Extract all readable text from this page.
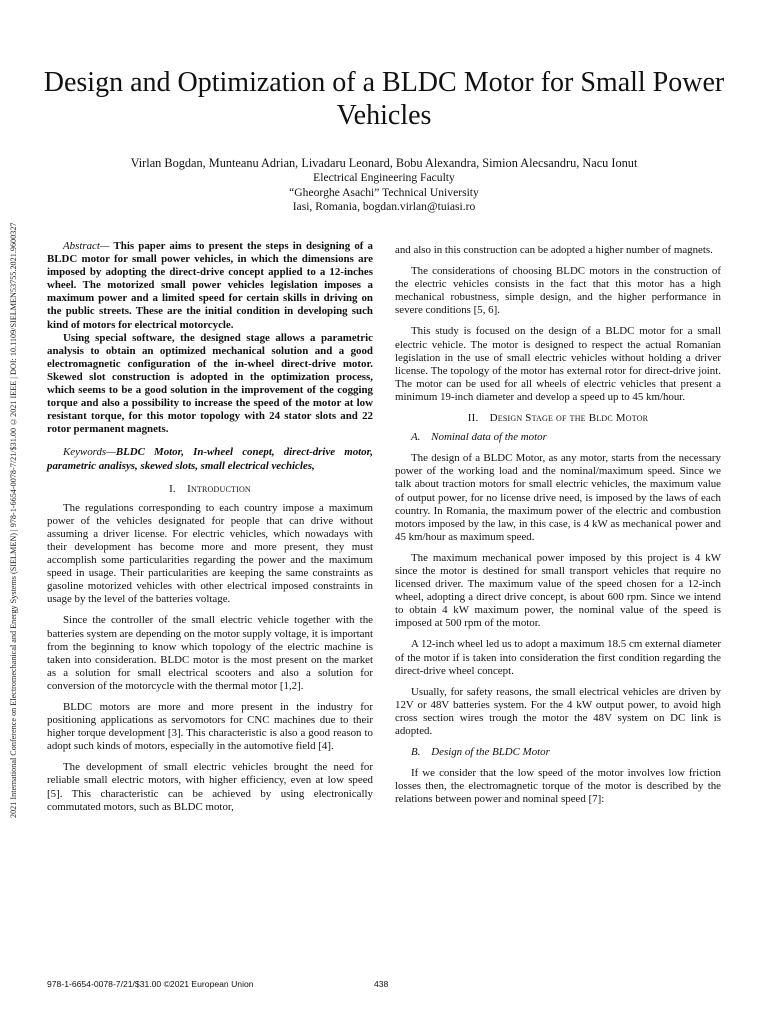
2021 International Conference on Electromechanical and Energy Systems (SIELMEN) | 978-1-6654-0078-7/21/$31.00 ©2021 IEEE | DOI: 10.1109/SIELMEN53755.2021.9600327
Design and Optimization of a BLDC Motor for Small Power Vehicles
Virlan Bogdan, Munteanu Adrian, Livadaru Leonard, Bobu Alexandra, Simion Alecsandru, Nacu Ionut
Electrical Engineering Faculty
“Gheorghe Asachi” Technical University
Iasi, Romania, bogdan.virlan@tuiasi.ro

Abstract— This paper aims to present the steps in designing of a BLDC motor for small power vehicles, in which the dimensions are imposed by adopting the direct-drive concept applied to a 12-inches wheel. The motorized small power vehicles legislation imposes a maximum power and a limited speed for certain skills in driving on the public streets. These are the initial condition in developing such kind of motors for electrical motorcycle.

Using special software, the designed stage allows a parametric analysis to obtain an optimized mechanical solution and a good electromagnetic configuration of the in-wheel direct-drive motor. Skewed slot construction is adopted in the optimization process, which seems to be a good solution in the improvement of the cogging torque and also a possibility to increase the speed of the motor at low resistant torque, for this motor topology with 24 stator slots and 22 rotor permanent magnets.

Keywords—BLDC Motor, In-wheel conept, direct-drive motor, parametric analisys, skewed slots, small electrical vechicles,

I. Introduction

The regulations corresponding to each country impose a maximum power of the vehicles designated for people that can drive without assuming a driver license. For electric vehicles, which nowadays with their development has become more and more present, they must accomplish some particularities regarding the power and the maximum speed in usage. Their particularities are keeping the same constraints as gasoline motorized vehicles with other electrical imposed constraints in usage by the level of the batteries voltage.

Since the controller of the small electric vehicle together with the batteries system are depending on the motor supply voltage, it is important from the beginning to know which topology of the electric machine is taken into consideration. BLDC motor is the most present on the market as a solution for small electrical scooters and also a solution for conversion of the motorcycle with the thermal motor [1,2].

BLDC motors are more and more present in the industry for positioning applications as servomotors for CNC machines due to their higher torque development [3]. This characteristic is also a good reason to adopt such kinds of motors, especially in the automotive field [4].

The development of small electric vehicles brought the need for reliable small electric motors, with higher efficiency, even at low speed [5]. This characteristic can be achieved by using electronically commutated motors, such as BLDC motor,

and also in this construction can be adopted a higher number of magnets.

The considerations of choosing BLDC motors in the construction of the electric vehicles consists in the fact that this motor has a high mechanical robustness, simple design, and the higher performance in severe conditions [5, 6].

This study is focused on the design of a BLDC motor for a small electric vehicle. The motor is designed to respect the actual Romanian legislation in the use of small electric vehicles without holding a driver license. The topology of the motor has external rotor for direct-drive joint. The motor can be used for all wheels of electric vehicles that present a minimum 19-inch diameter and develop a speed up to 45 km/hour.

II. Design Stage of the Bldc Motor

A. Nominal data of the motor

The design of a BLDC Motor, as any motor, starts from the necessary power of the working load and the nominal/maximum speed. Since we talk about traction motors for small electric vehicles, the maximum value of output power, for no license drive need, is imposed by the laws of each country. In Romania, the maximum power of the electric and combustion motors imposed by the law, in this case, is 4 kW as mechanical power and 45 km/hour as maximum speed.

The maximum mechanical power imposed by this project is 4 kW since the motor is destined for small transport vehicles that require no licensed driver. The maximum value of the speed chosen for a 12-inch wheel, adopting a direct drive concept, is about 600 rpm. Since we intend to obtain 4 kW maximum power, the nominal value of the speed is imposed at 500 rpm of the motor.

A 12-inch wheel led us to adopt a maximum 18.5 cm external diameter of the motor if is taken into consideration the first condition regarding the direct-drive wheel concept.

Usually, for safety reasons, the small electrical vehicles are driven by 12V or 48V batteries system. For the 4 kW output power, to avoid high cross section wires trough the motor the 48V system on DC link is adopted.

B. Design of the BLDC Motor

If we consider that the low speed of the motor involves low friction losses then, the electromagnetic torque of the motor is described by the relations between power and nominal speed [7]:

978-1-6654-0078-7/21/$31.00 ©2021 European Union	438
